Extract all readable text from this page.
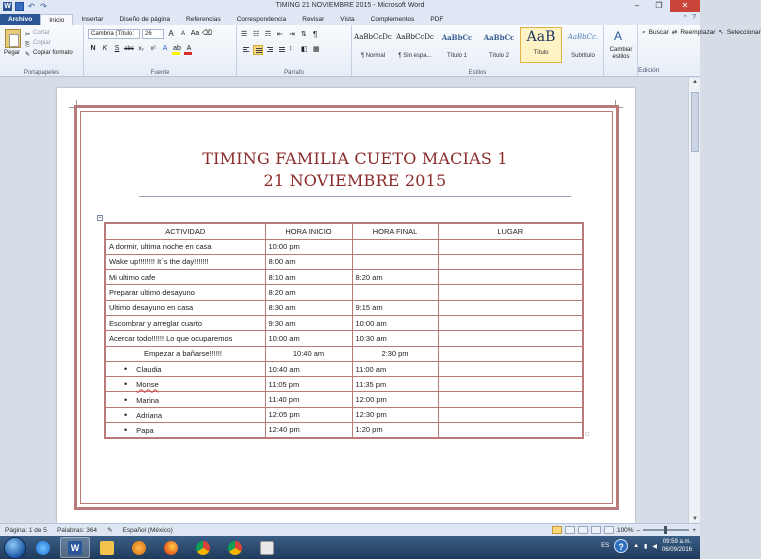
W ↶ ↷	TIMING 21 NOVIEMBRE 2015 - Microsoft Word	–	❐	✕
Archivo	Inicio	Insertar	Diseño de página	Referencias	Correspondencia	Revisar	Vista	Complementos	PDF	⌃ ?
Pegar
✂ Cortar
⎘ Copiar
✎ Copiar formato
Portapapeles
Cambria (Título:	26	A	A Aa ⌫
N	K	S abc x₂	x²	A ab A
Fuente
☰ ☷ ☶ ⇤ ⇥ ⇅ ¶
↕	◧ ▦
Párrafo
AaBbCcDc
¶ Normal
AaBbCcDc
¶ Sin espa...
AaBbCc
Título 1
AaBbCc
Título 2
AaB
Título
AaBbCc.
Subtítulo
Estilos
A
Cambiar estilos
⌕ Buscar ⇄ Reemplazar ↖ Seleccionar
Edición
▲
▼
TIMING FAMILIA CUETO MACIAS 1
21 NOVIEMBRE 2015
+
ACTIVIDAD	HORA INICIO	HORA FINAL	LUGAR
A dormir, ultima noche en casa	10:00 pm		
Wake up!!!!!!!! It´s the day!!!!!!!	8:00 am		
Mi ultimo cafe	8:10 am	8:20 am	
Preparar ultimo desayuno	8:20 am		
Ultimo desayuno en casa	8:30 am	9:15 am	
Escombrar y arreglar cuarto	9:30 am	10:00 am	
Acercar todo!!!!!! Lo que ocuparemos	10:00 am	10:30 am	
Empezar a bañarse!!!!!!	10:40 am	2:30 pm	
• Claudia	10:40 am	11:00 am	
• Monse	11:05 pm	11:35 pm	
• Marina	11:40 pm	12:00 pm	
• Adriana	12:05 pm	12:30 pm	
• Papa	12:40 pm	1:20 pm		◻
Página: 1 de 5	Palabras: 364	✎	Español (México)	100% –	+
W	ES	?	▲ ▮ ◀
09:59 a.m.
06/09/2016
